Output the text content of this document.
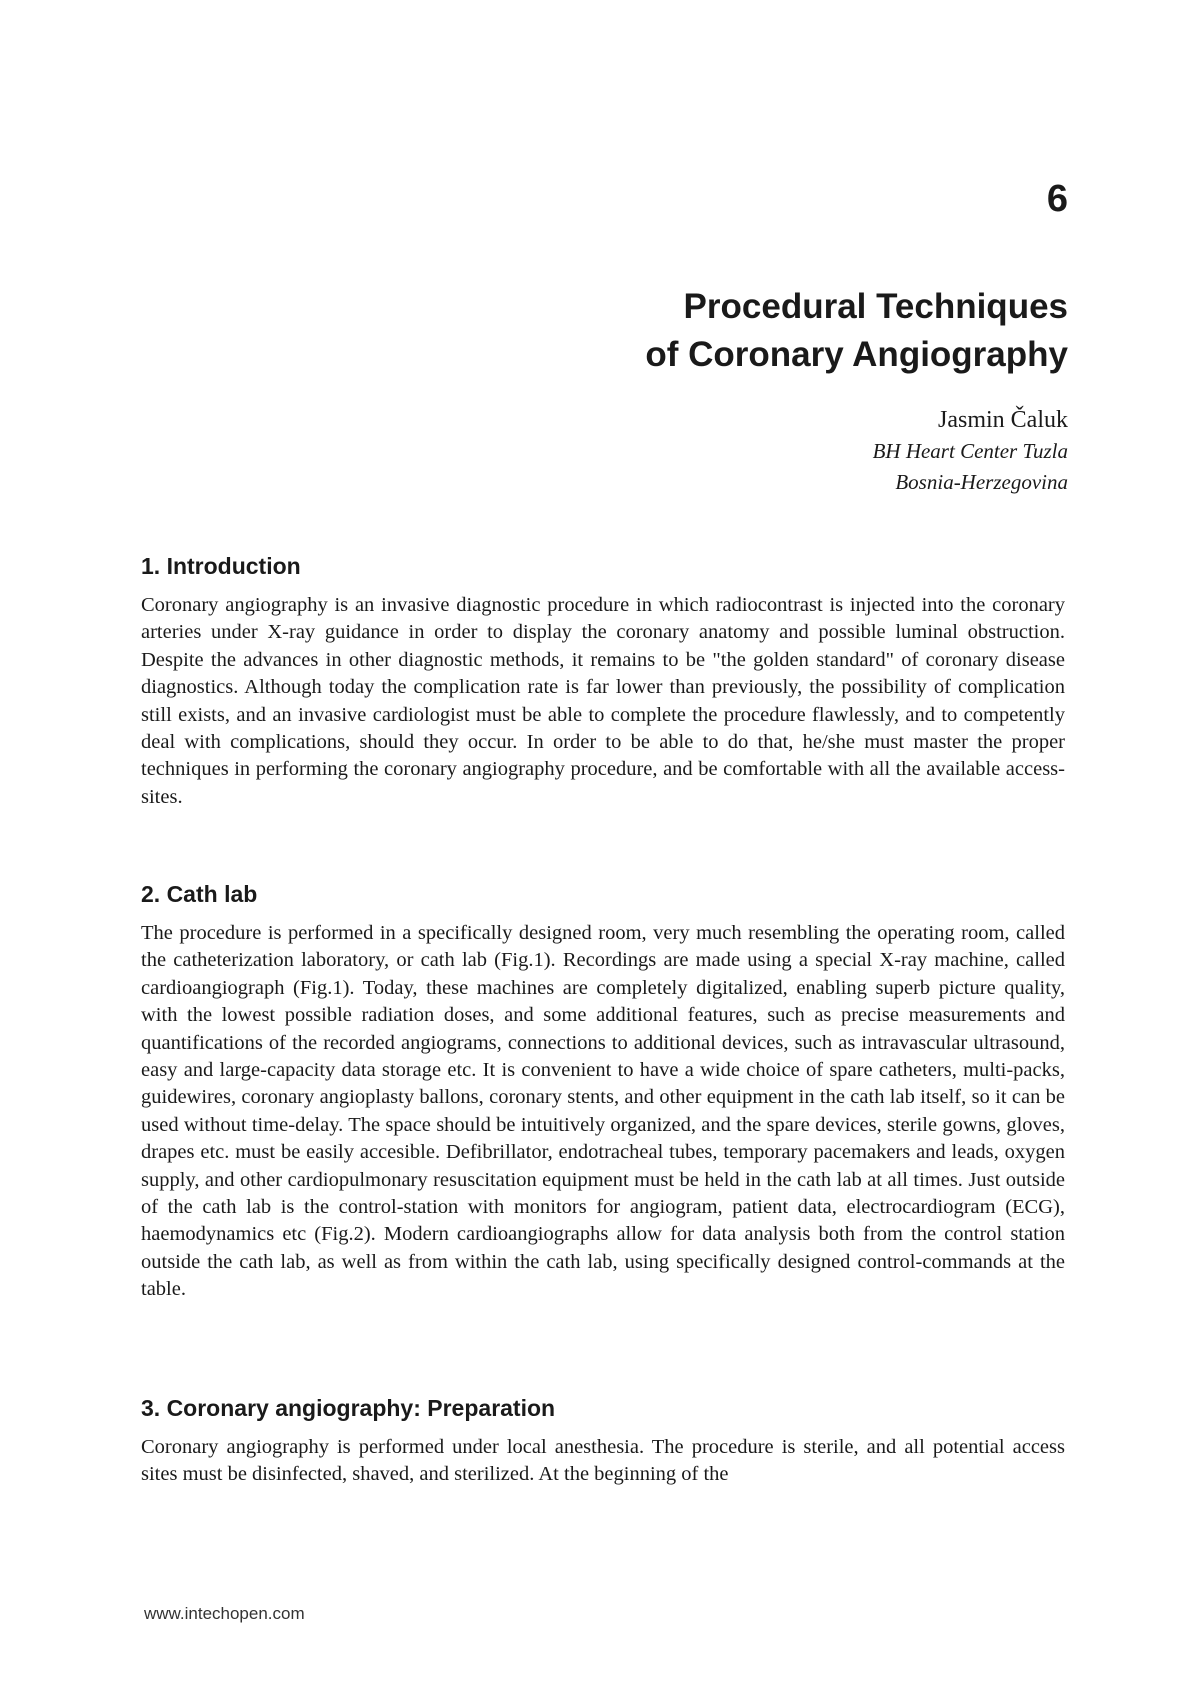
6
Procedural Techniques
of Coronary Angiography
Jasmin Čaluk
BH Heart Center Tuzla
Bosnia-Herzegovina
1. Introduction

Coronary angiography is an invasive diagnostic procedure in which radiocontrast is injected into the coronary arteries under X-ray guidance in order to display the coronary anatomy and possible luminal obstruction. Despite the advances in other diagnostic methods, it remains to be "the golden standard" of coronary disease diagnostics. Although today the complication rate is far lower than previously, the possibility of complication still exists, and an invasive cardiologist must be able to complete the procedure flawlessly, and to competently deal with complications, should they occur. In order to be able to do that, he/she must master the proper techniques in performing the coronary angiography procedure, and be comfortable with all the available access-sites.

2. Cath lab

The procedure is performed in a specifically designed room, very much resembling the operating room, called the catheterization laboratory, or cath lab (Fig.1). Recordings are made using a special X-ray machine, called cardioangiograph (Fig.1). Today, these machines are completely digitalized, enabling superb picture quality, with the lowest possible radiation doses, and some additional features, such as precise measurements and quantifications of the recorded angiograms, connections to additional devices, such as intravascular ultrasound, easy and large-capacity data storage etc. It is convenient to have a wide choice of spare catheters, multi-packs, guidewires, coronary angioplasty ballons, coronary stents, and other equipment in the cath lab itself, so it can be used without time-delay. The space should be intuitively organized, and the spare devices, sterile gowns, gloves, drapes etc. must be easily accesible. Defibrillator, endotracheal tubes, temporary pacemakers and leads, oxygen supply, and other cardiopulmonary resuscitation equipment must be held in the cath lab at all times. Just outside of the cath lab is the control-station with monitors for angiogram, patient data, electrocardiogram (ECG), haemodynamics etc (Fig.2). Modern cardioangiographs allow for data analysis both from the control station outside the cath lab, as well as from within the cath lab, using specifically designed control-commands at the table.

3. Coronary angiography: Preparation

Coronary angiography is performed under local anesthesia. The procedure is sterile, and all potential access sites must be disinfected, shaved, and sterilized. At the beginning of the

www.intechopen.com
